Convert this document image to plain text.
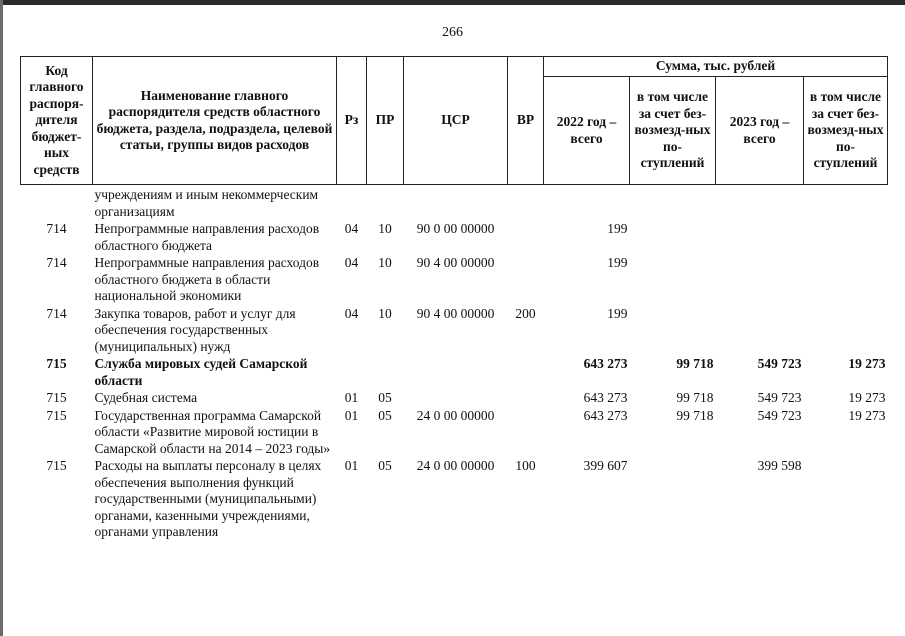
266
Код главного распоря-дителя бюджет-ных средств	Наименование главного распорядителя средств областного бюджета, раздела, подраздела, целевой статьи, группы видов расходов	Рз	ПР	ЦСР	ВР	Сумма, тыс. рублей			
						2022 год – всего	в том числе за счет без-возмезд-ных по-ступлений	2023 год – всего	в том числе за счет без-возмезд-ных по-ступлений
	учреждениям и иным некоммерческим организациям								
714	Непрограммные направления расходов областного бюджета	04	10	90 0 00 00000		199			
714	Непрограммные направления расходов областного бюджета в области национальной экономики	04	10	90 4 00 00000		199			
714	Закупка товаров, работ и услуг для обеспечения государственных (муниципальных) нужд	04	10	90 4 00 00000	200	199			
715	Служба мировых судей Самарской области					643 273	99 718	549 723	19 273
715	Судебная система	01	05			643 273	99 718	549 723	19 273
715	Государственная программа Самарской области «Развитие мировой юстиции в Самарской области на 2014 – 2023 годы»	01	05	24 0 00 00000		643 273	99 718	549 723	19 273
715	Расходы на выплаты персоналу в целях обеспечения выполнения функций государственными (муниципальными) органами, казенными учреждениями, органами управления	01	05	24 0 00 00000	100	399 607		399 598	
